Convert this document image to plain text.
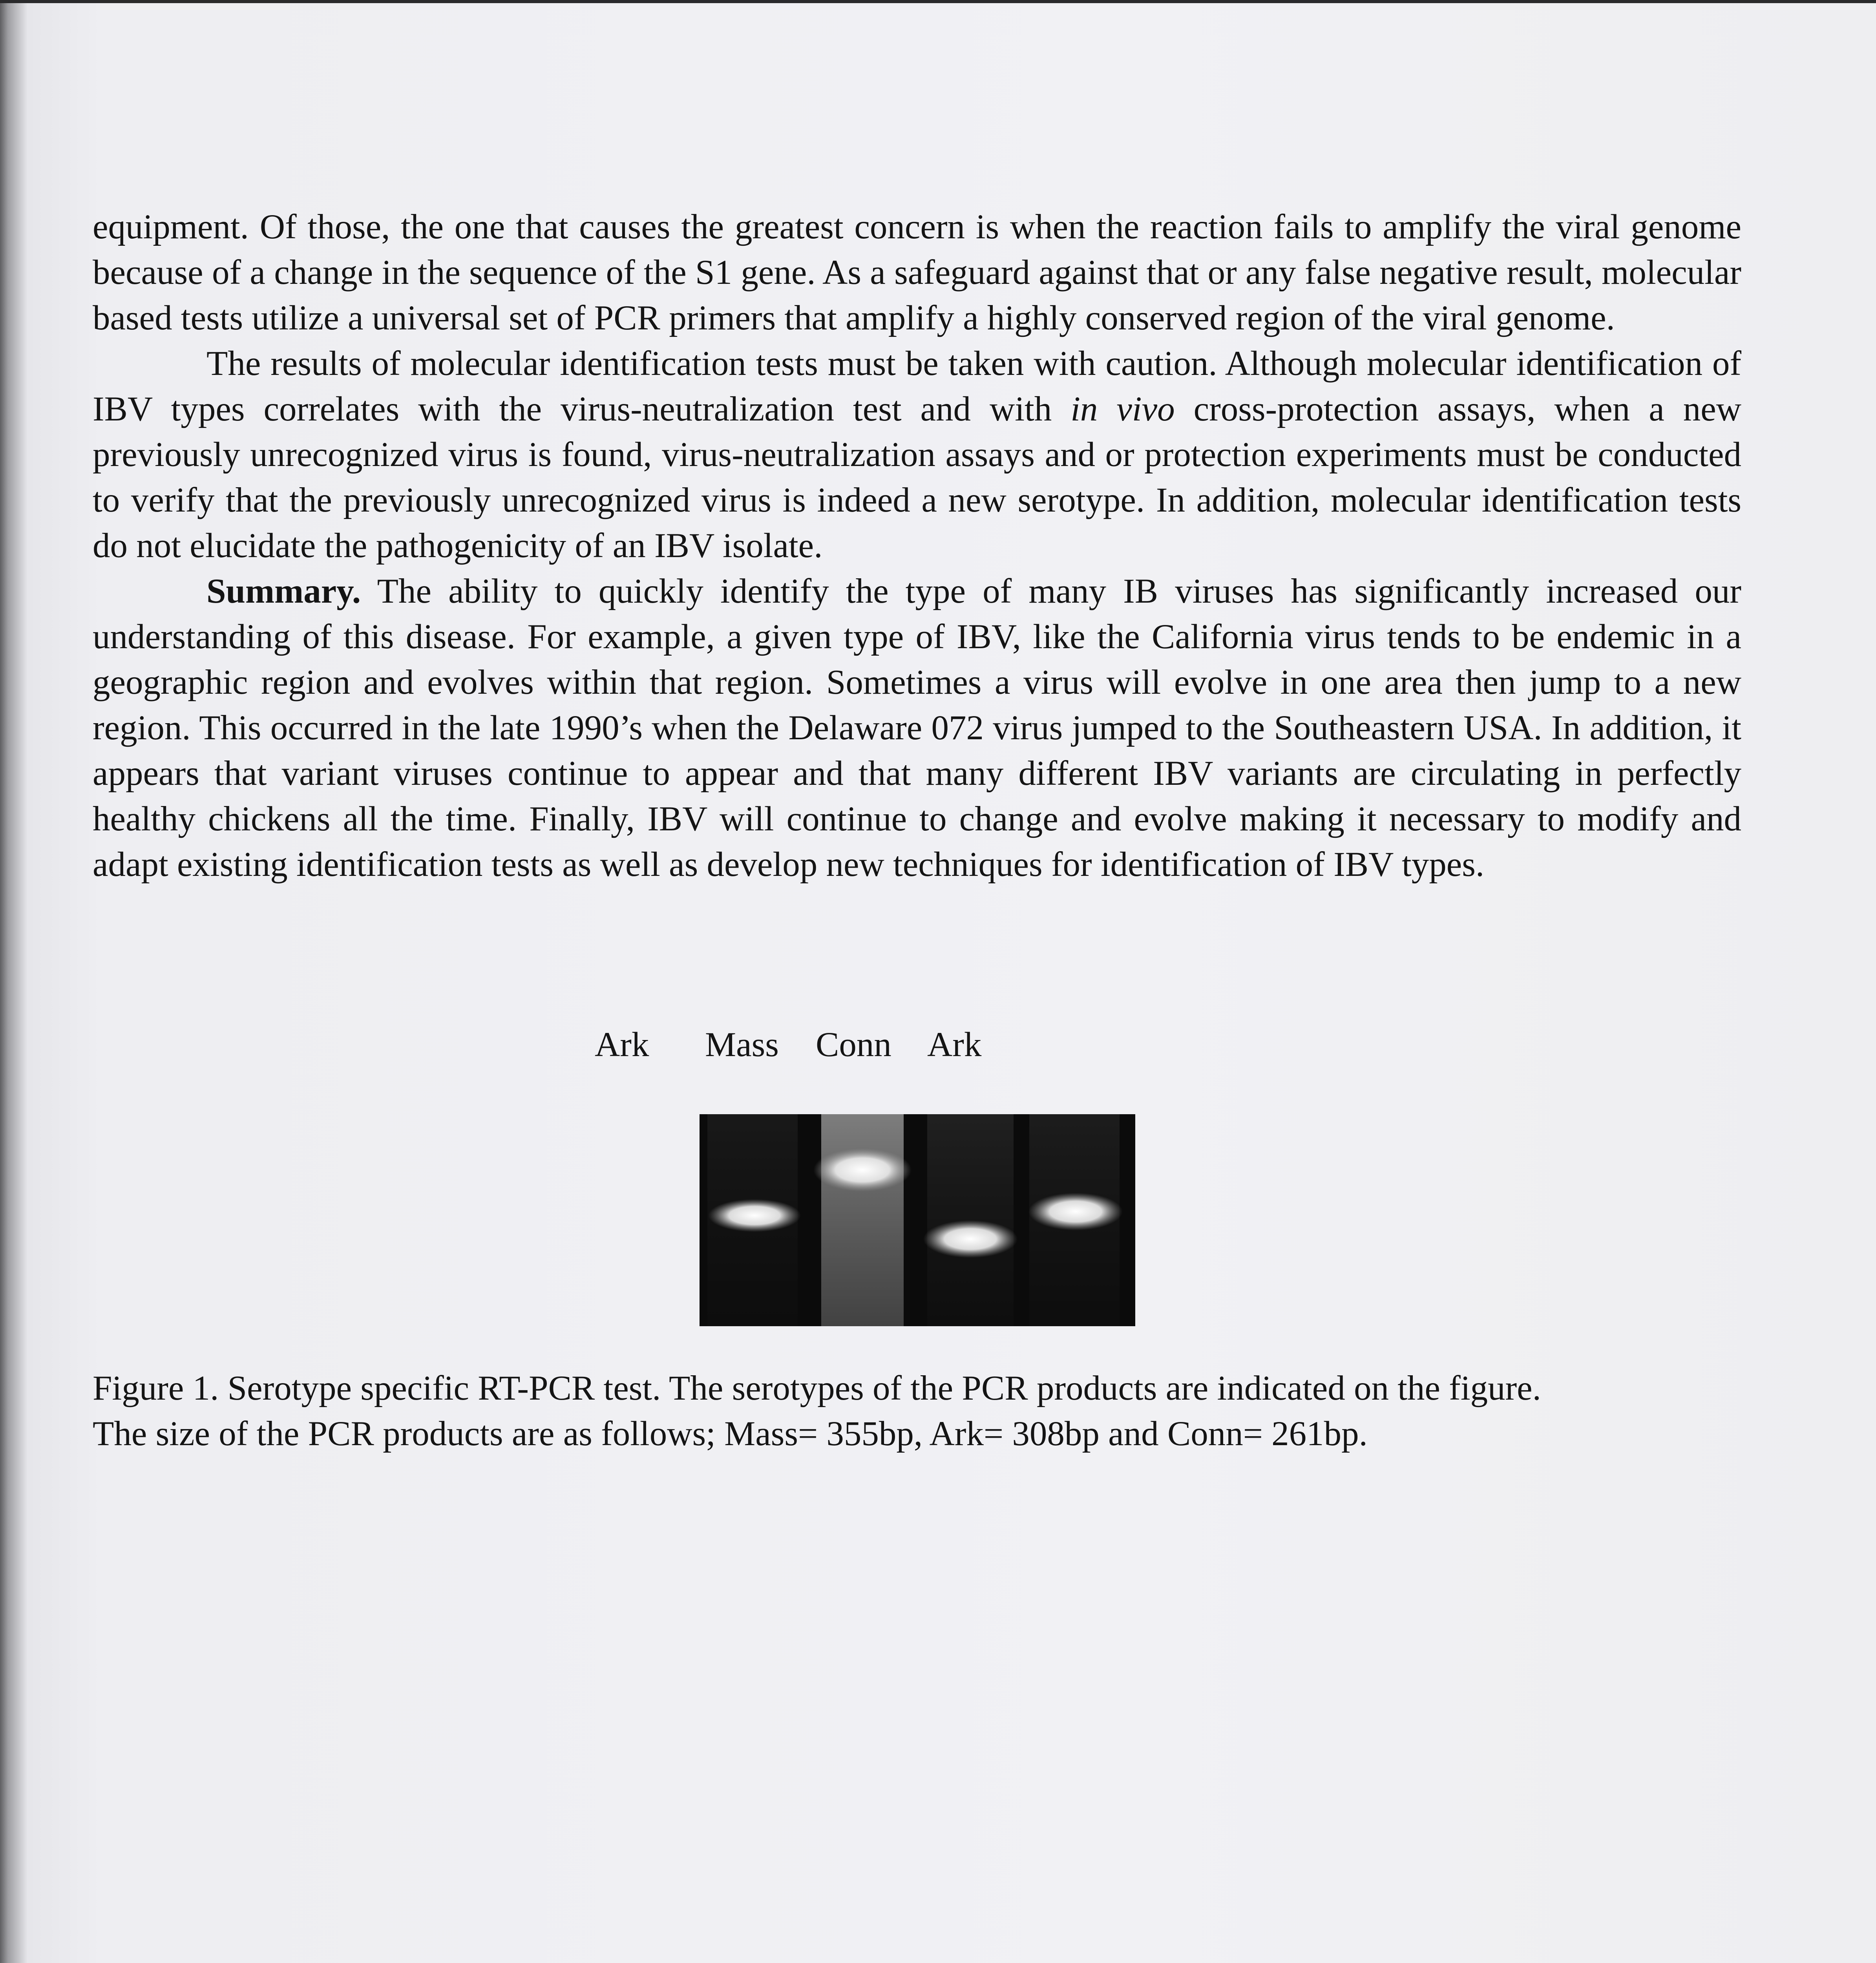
equipment. Of those, the one that causes the greatest concern is when the reaction fails to amplify the viral genome because of a change in the sequence of the S1 gene. As a safeguard against that or any false negative result, molecular based tests utilize a universal set of PCR primers that amplify a highly conserved region of the viral genome.

The results of molecular identification tests must be taken with caution. Although molecular identification of IBV types correlates with the virus-neutralization test and with in vivo cross-protection assays, when a new previously unrecognized virus is found, virus-neutralization assays and or protection experiments must be conducted to verify that the previously unrecognized virus is indeed a new serotype. In addition, molecular identification tests do not elucidate the pathogenicity of an IBV isolate.

Summary. The ability to quickly identify the type of many IB viruses has significantly increased our understanding of this disease. For example, a given type of IBV, like the California virus tends to be endemic in a geographic region and evolves within that region. Sometimes a virus will evolve in one area then jump to a new region. This occurred in the late 1990’s when the Delaware 072 virus jumped to the Southeastern USA. In addition, it appears that variant viruses continue to appear and that many different IBV variants are circulating in perfectly healthy chickens all the time. Finally, IBV will continue to change and evolve making it necessary to modify and adapt existing identification tests as well as develop new techniques for identification of IBV types.

Ark Mass Conn Ark

Figure 1. Serotype specific RT-PCR test. The serotypes of the PCR products are indicated on the figure.

The size of the PCR products are as follows; Mass= 355bp, Ark= 308bp and Conn= 261bp.
